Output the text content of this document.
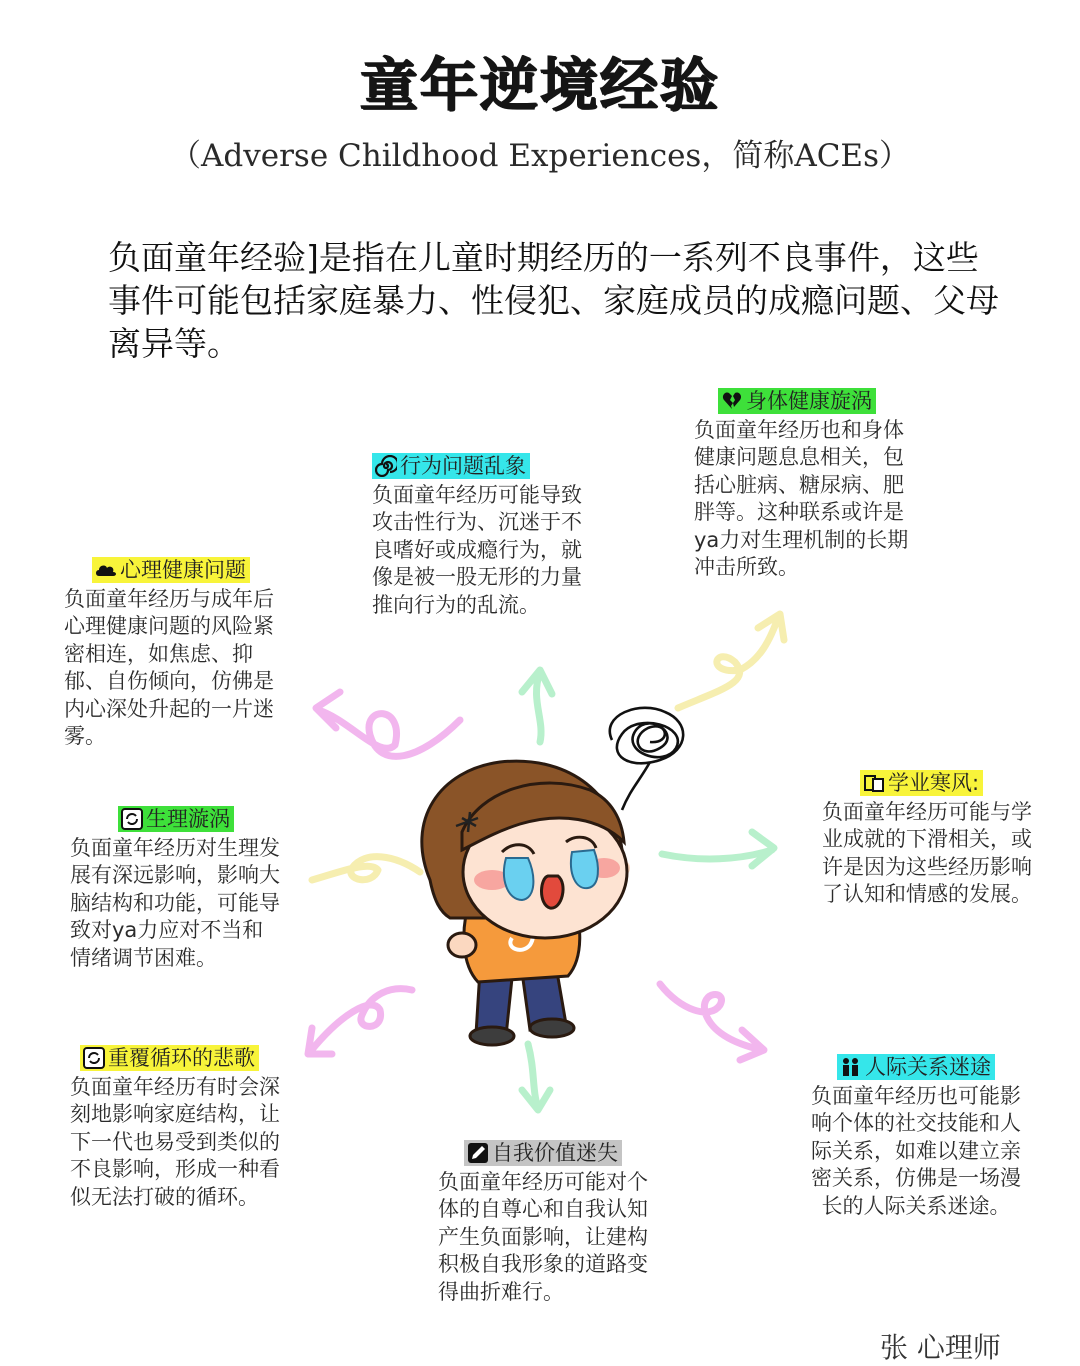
童年逆境经验
（Adverse Childhood Experiences，简称ACEs）
负面童年经验]是指在儿童时期经历的一系列不良事件，这些事件可能包括家庭暴力、性侵犯、家庭成员的成瘾问题、父母离异等。
行为问题乱象
负面童年经历可能导致攻击性行为、沉迷于不良嗜好或成瘾行为，就像是被一股无形的力量推向行为的乱流。
身体健康旋涡
负面童年经历也和身体健康问题息息相关，包括心脏病、糖尿病、肥胖等。这种联系或许是ya力对生理机制的长期冲击所致。
心理健康问题
负面童年经历与成年后心理健康问题的风险紧密相连，如焦虑、抑郁、自伤倾向，仿佛是内心深处升起的一片迷雾。
学业寒风:
负面童年经历可能与学业成就的下滑相关，或许是因为这些经历影响了认知和情感的发展。
生理漩涡
负面童年经历对生理发展有深远影响，影响大脑结构和功能，可能导致对ya力应对不当和情绪调节困难。
重覆循环的悲歌
负面童年经历有时会深刻地影响家庭结构，让下一代也易受到类似的不良影响，形成一种看似无法打破的循环。
人际关系迷途
负面童年经历也可能影响个体的社交技能和人际关系，如难以建立亲密关系，仿佛是一场漫长的人际关系迷途。
自我价值迷失
负面童年经历可能对个体的自尊心和自我认知产生负面影响，让建构积极自我形象的道路变得曲折难行。
张 心理师
